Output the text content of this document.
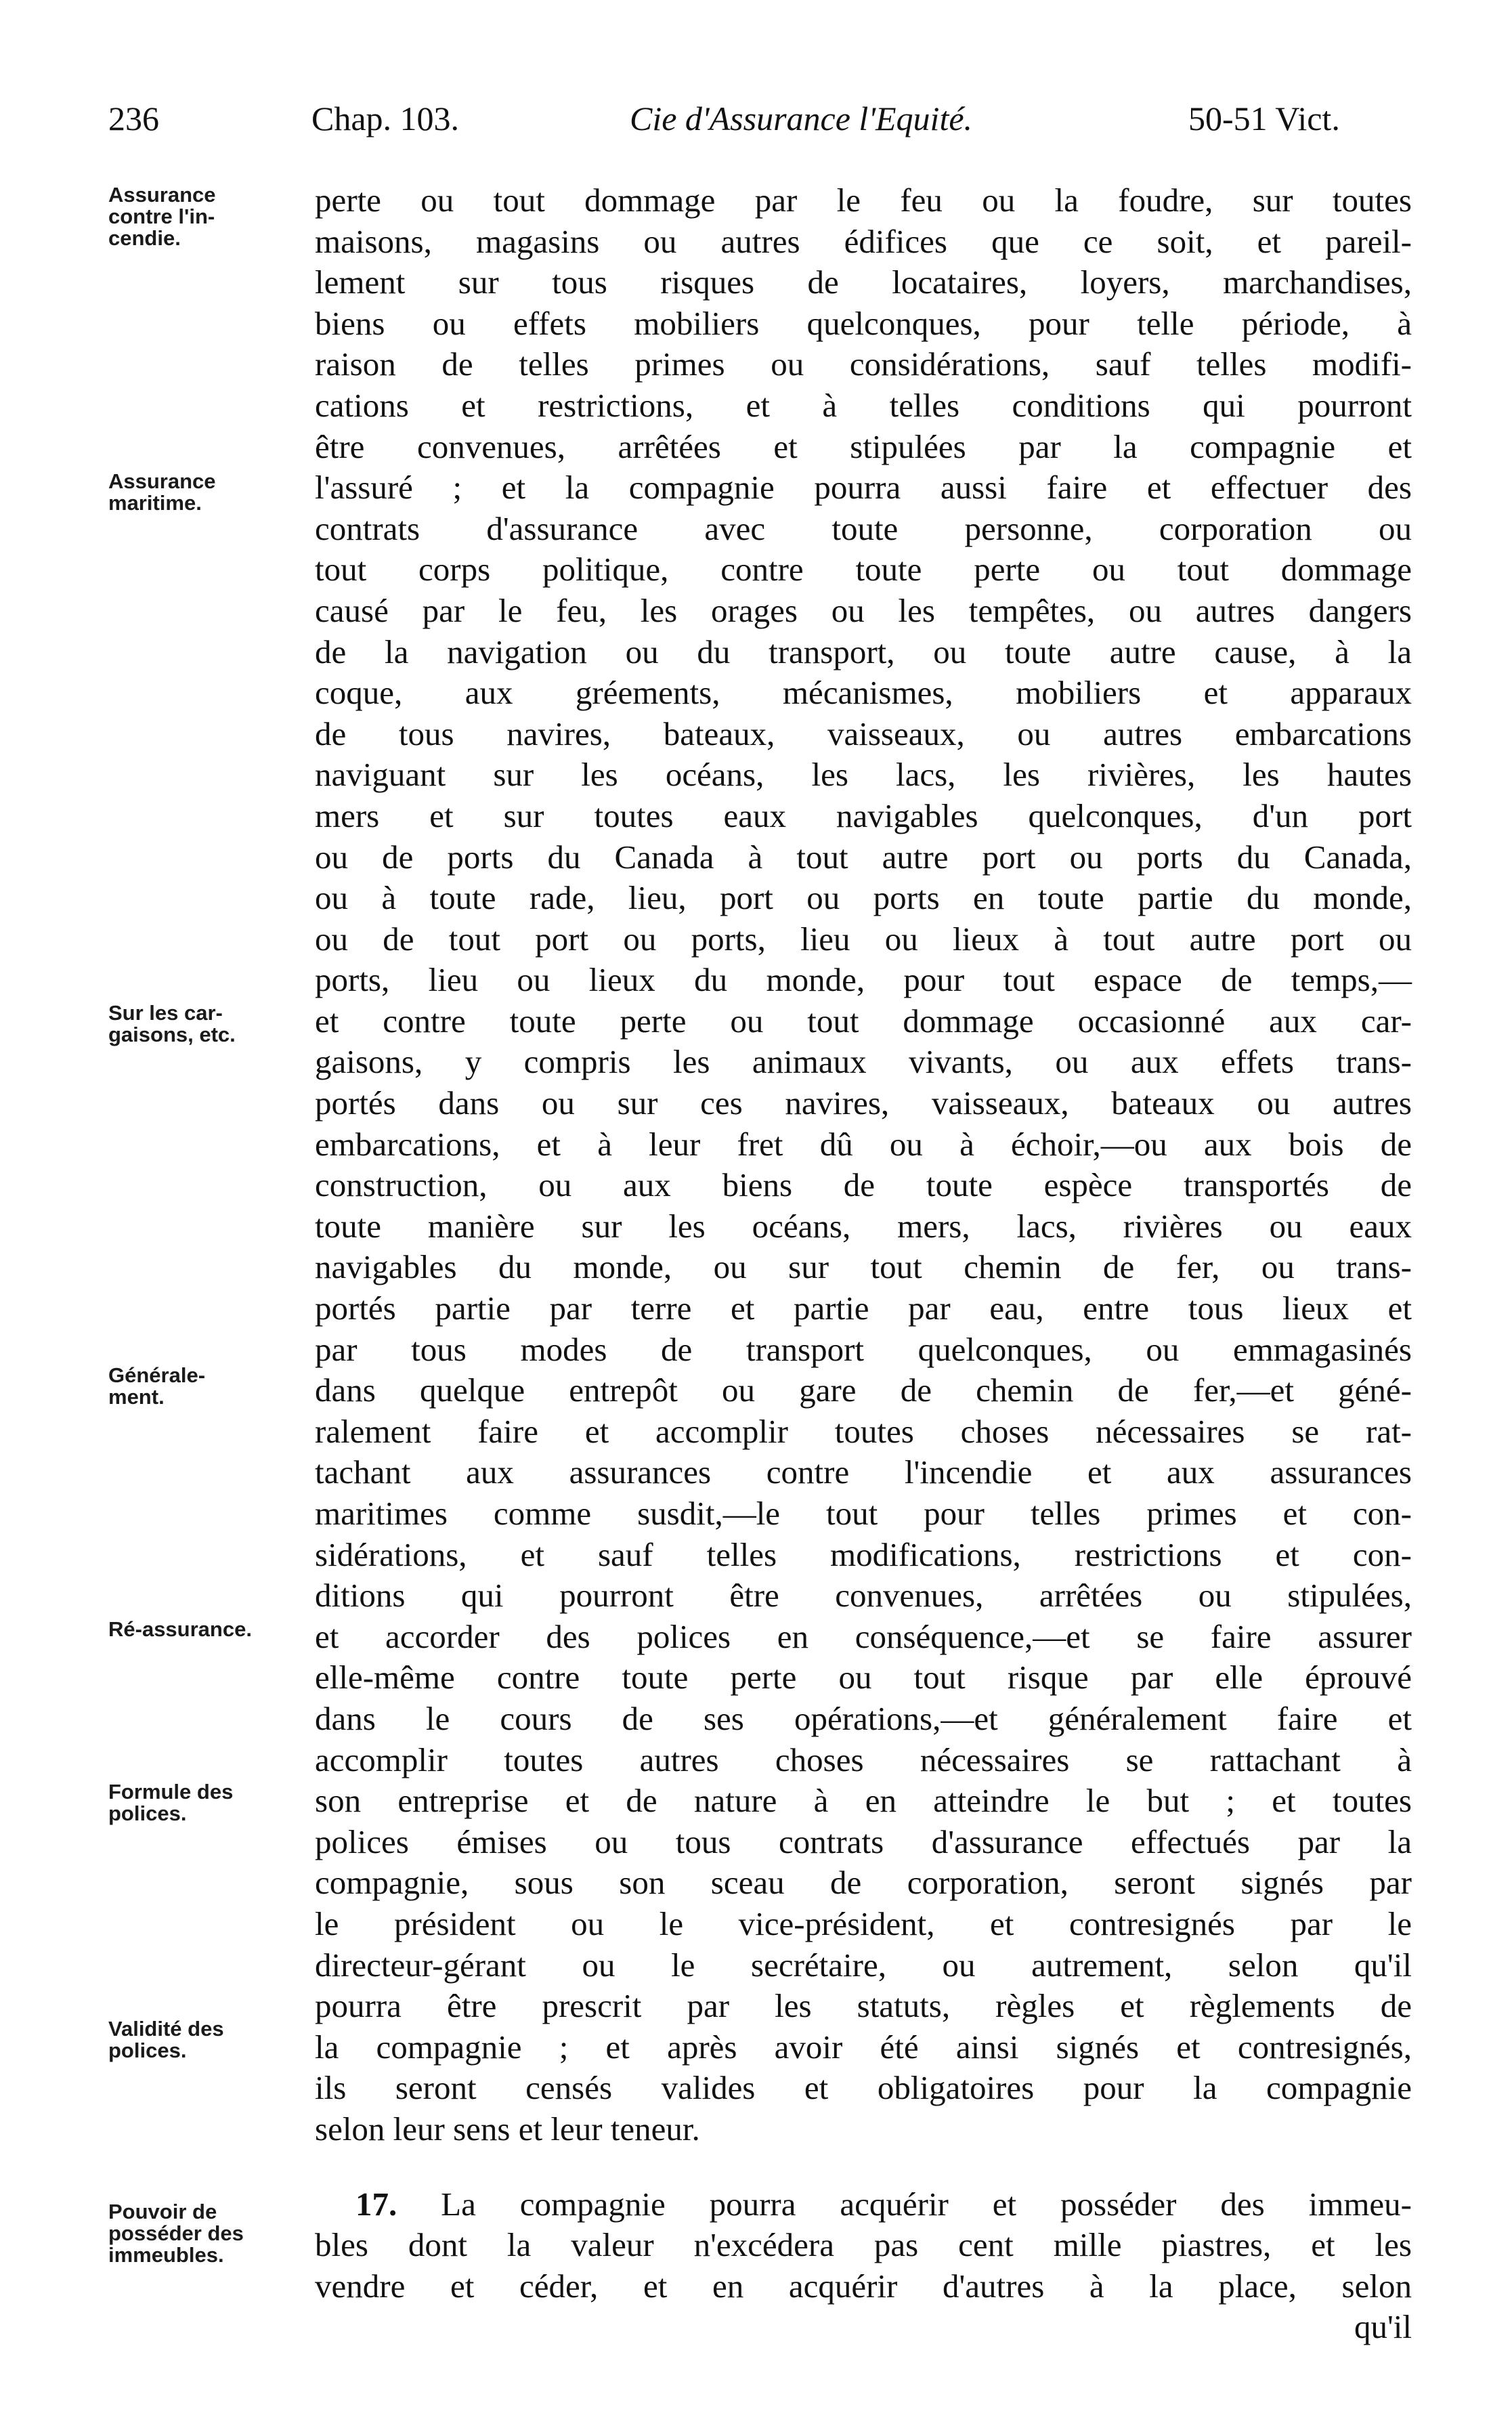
236	Chap. 103.	Cie d'Assurance l'Equité.	50-51 Vict.
Assurance
contre l'in-
cendie.
Assurance
maritime.
Sur les car-
gaisons, etc.
Générale-
ment.
Ré-assurance.
Formule des
polices.
Validité des
polices.
Pouvoir de
posséder des
immeubles.
perte ou tout dommage par le feu ou la foudre, sur toutes
maisons, magasins ou autres édifices que ce soit, et pareil-
lement sur tous risques de locataires, loyers, marchandises,
biens ou effets mobiliers quelconques, pour telle période, à
raison de telles primes ou considérations, sauf telles modifi-
cations et restrictions, et à telles conditions qui pourront
être convenues, arrêtées et stipulées par la compagnie et
l'assuré ; et la compagnie pourra aussi faire et effectuer des
contrats d'assurance avec toute personne, corporation ou
tout corps politique, contre toute perte ou tout dommage
causé par le feu, les orages ou les tempêtes, ou autres dangers
de la navigation ou du transport, ou toute autre cause, à la
coque, aux gréements, mécanismes, mobiliers et apparaux
de tous navires, bateaux, vaisseaux, ou autres embarcations
naviguant sur les océans, les lacs, les rivières, les hautes
mers et sur toutes eaux navigables quelconques, d'un port
ou de ports du Canada à tout autre port ou ports du Canada,
ou à toute rade, lieu, port ou ports en toute partie du monde,
ou de tout port ou ports, lieu ou lieux à tout autre port ou
ports, lieu ou lieux du monde, pour tout espace de temps,—
et contre toute perte ou tout dommage occasionné aux car-
gaisons, y compris les animaux vivants, ou aux effets trans-
portés dans ou sur ces navires, vaisseaux, bateaux ou autres
embarcations, et à leur fret dû ou à échoir,—ou aux bois de
construction, ou aux biens de toute espèce transportés de
toute manière sur les océans, mers, lacs, rivières ou eaux
navigables du monde, ou sur tout chemin de fer, ou trans-
portés partie par terre et partie par eau, entre tous lieux et
par tous modes de transport quelconques, ou emmagasinés
dans quelque entrepôt ou gare de chemin de fer,—et géné-
ralement faire et accomplir toutes choses nécessaires se rat-
tachant aux assurances contre l'incendie et aux assurances
maritimes comme susdit,—le tout pour telles primes et con-
sidérations, et sauf telles modifications, restrictions et con-
ditions qui pourront être convenues, arrêtées ou stipulées,
et accorder des polices en conséquence,—et se faire assurer
elle-même contre toute perte ou tout risque par elle éprouvé
dans le cours de ses opérations,—et généralement faire et
accomplir toutes autres choses nécessaires se rattachant à
son entreprise et de nature à en atteindre le but ; et toutes
polices émises ou tous contrats d'assurance effectués par la
compagnie, sous son sceau de corporation, seront signés par
le président ou le vice-président, et contresignés par le
directeur-gérant ou le secrétaire, ou autrement, selon qu'il
pourra être prescrit par les statuts, règles et règlements de
la compagnie ; et après avoir été ainsi signés et contresignés,
ils seront censés valides et obligatoires pour la compagnie
selon leur sens et leur teneur.
17. La compagnie pourra acquérir et posséder des immeu-
bles dont la valeur n'excédera pas cent mille piastres, et les
vendre et céder, et en acquérir d'autres à la place, selon
qu'il
